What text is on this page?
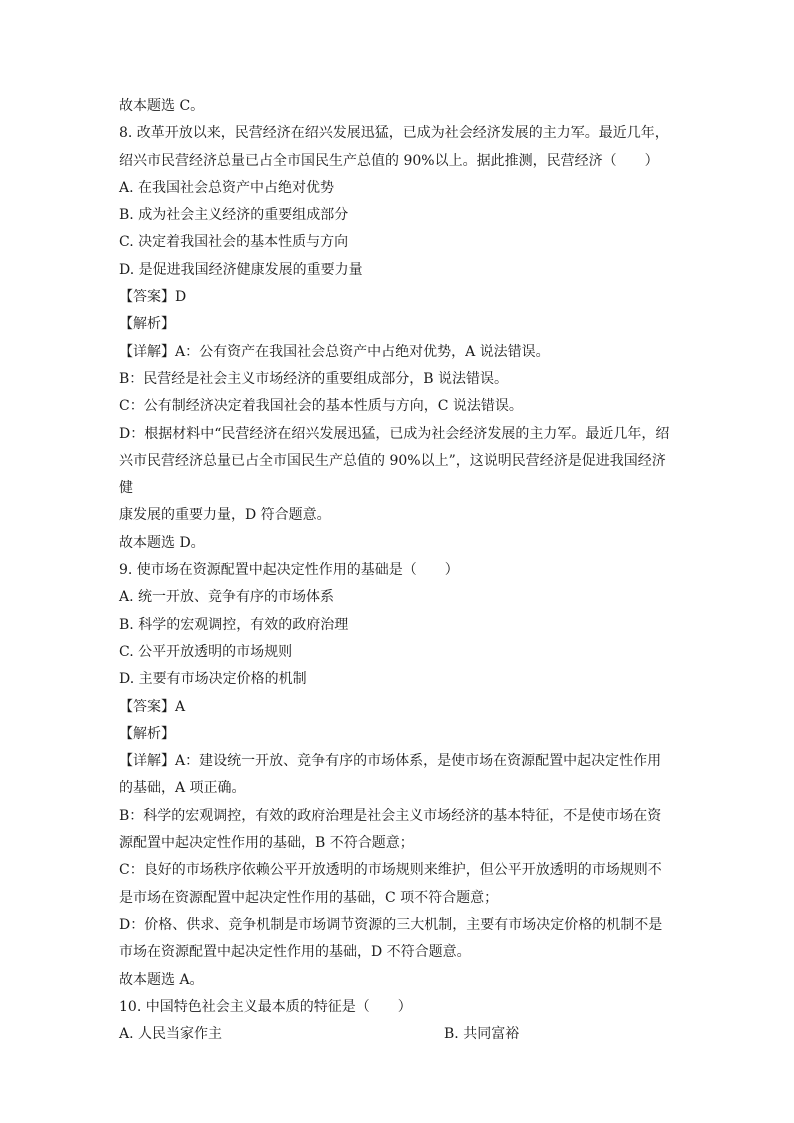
故本题选 C。

8. 改革开放以来，民营经济在绍兴发展迅猛，已成为社会经济发展的主力军。最近几年，

绍兴市民营经济总量已占全市国民生产总值的 90%以上。据此推测，民营经济（　　）

A. 在我国社会总资产中占绝对优势

B. 成为社会主义经济的重要组成部分

C. 决定着我国社会的基本性质与方向

D. 是促进我国经济健康发展的重要力量

【答案】D

【解析】

【详解】A：公有资产在我国社会总资产中占绝对优势，A 说法错误。

B：民营经是社会主义市场经济的重要组成部分，B 说法错误。

C：公有制经济决定着我国社会的基本性质与方向，C 说法错误。

D：根据材料中“民营经济在绍兴发展迅猛，已成为社会经济发展的主力军。最近几年，绍

兴市民营经济总量已占全市国民生产总值的 90%以上”，这说明民营经济是促进我国经济健

康发展的重要力量，D 符合题意。

故本题选 D。

9. 使市场在资源配置中起决定性作用的基础是（　　）

A. 统一开放、竞争有序的市场体系

B. 科学的宏观调控，有效的政府治理

C. 公平开放透明的市场规则

D. 主要有市场决定价格的机制

【答案】A

【解析】

【详解】A：建设统一开放、竞争有序的市场体系，是使市场在资源配置中起决定性作用

的基础，A 项正确。

B：科学的宏观调控，有效的政府治理是社会主义市场经济的基本特征，不是使市场在资

源配置中起决定性作用的基础，B 不符合题意；

C：良好的市场秩序依赖公平开放透明的市场规则来维护，但公平开放透明的市场规则不

是市场在资源配置中起决定性作用的基础，C 项不符合题意；

D：价格、供求、竞争机制是市场调节资源的三大机制，主要有市场决定价格的机制不是

市场在资源配置中起决定性作用的基础，D 不符合题意。

故本题选 A。

10. 中国特色社会主义最本质的特征是（　　）

A. 人民当家作主	B. 共同富裕
